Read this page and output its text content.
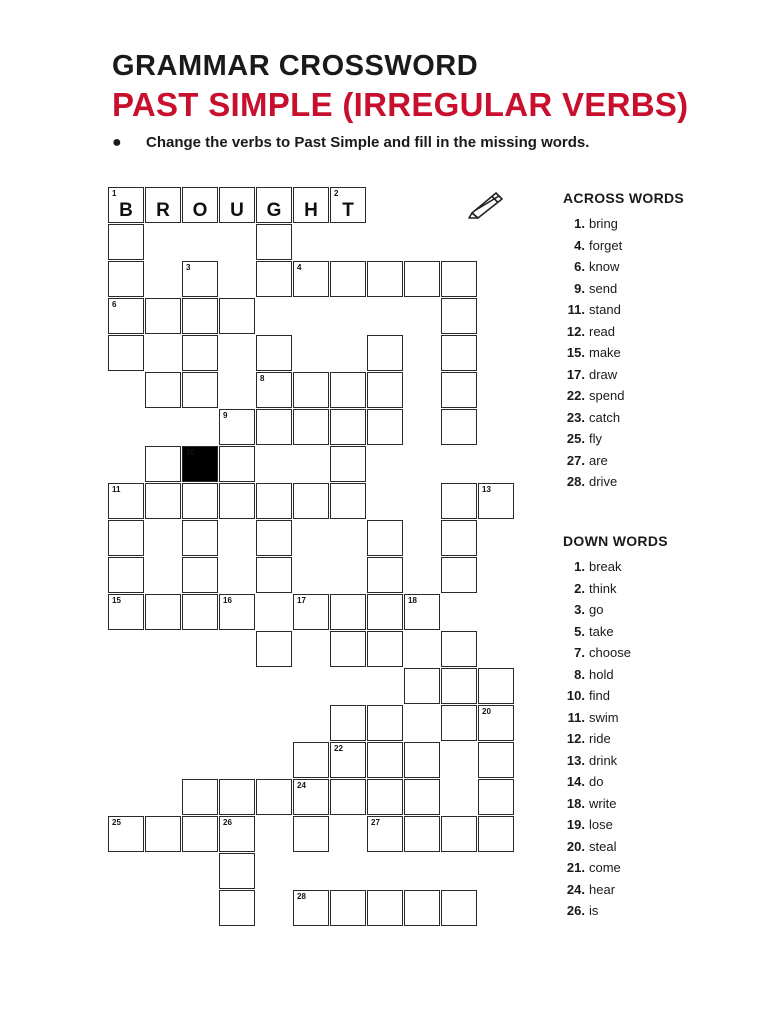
GRAMMAR CROSSWORD
PAST SIMPLE (IRREGULAR VERBS)
● Change the verbs to Past Simple and fill in the missing words.
1
B	R	O	U	G	H
2
T
3	4
6
8
9
10
11	13
15	16	17	18
20
22
24
25	26	27
28
ACROSS WORDS
1. bring
4. forget
6. know
9. send
11. stand
12. read
15. make
17. draw
22. spend
23. catch
25. fly
27. are
28. drive
DOWN WORDS
1. break
2. think
3. go
5. take
7. choose
8. hold
10. find
11. swim
12. ride
13. drink
14. do
18. write
19. lose
20. steal
21. come
24. hear
26. is
